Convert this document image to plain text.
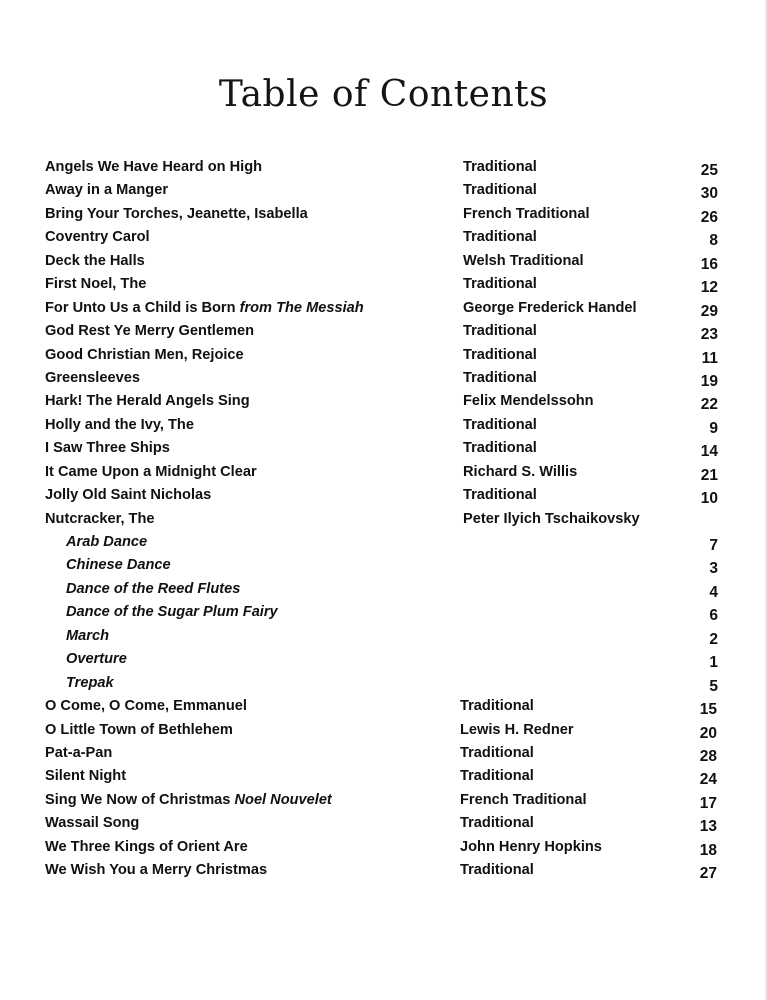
Table of Contents
Angels We Have Heard on High	Traditional	25
Away in a Manger	Traditional	30
Bring Your Torches, Jeanette, Isabella	French Traditional	26
Coventry Carol	Traditional	8
Deck the Halls	Welsh Traditional	16
First Noel, The	Traditional	12
For Unto Us a Child is Born from The Messiah	George Frederick Handel	29
God Rest Ye Merry Gentlemen	Traditional	23
Good Christian Men, Rejoice	Traditional	11
Greensleeves	Traditional	19
Hark! The Herald Angels Sing	Felix Mendelssohn	22
Holly and the Ivy, The	Traditional	9
I Saw Three Ships	Traditional	14
It Came Upon a Midnight Clear	Richard S. Willis	21
Jolly Old Saint Nicholas	Traditional	10
Nutcracker, The	Peter Ilyich Tschaikovsky
Arab Dance	7
Chinese Dance	3
Dance of the Reed Flutes	4
Dance of the Sugar Plum Fairy	6
March	2
Overture	1
Trepak	5
O Come, O Come, Emmanuel	Traditional	15
O Little Town of Bethlehem	Lewis H. Redner	20
Pat-a-Pan	Traditional	28
Silent Night	Traditional	24
Sing We Now of Christmas Noel Nouvelet	French Traditional	17
Wassail Song	Traditional	13
We Three Kings of Orient Are	John Henry Hopkins	18
We Wish You a Merry Christmas	Traditional	27
